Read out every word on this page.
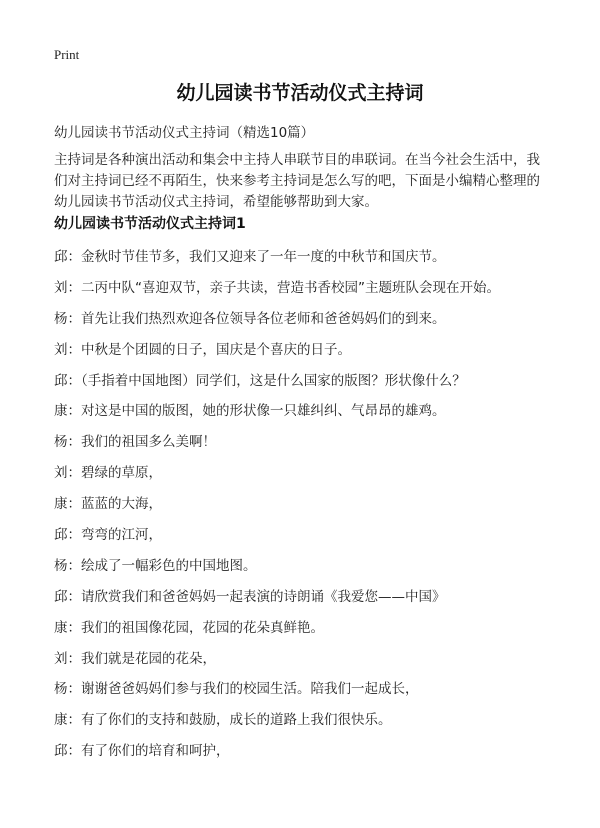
Print
幼儿园读书节活动仪式主持词

幼儿园读书节活动仪式主持词（精选10篇）

主持词是各种演出活动和集会中主持人串联节目的串联词。在当今社会生活中，我们对主持词已经不再陌生，快来参考主持词是怎么写的吧，下面是小编精心整理的幼儿园读书节活动仪式主持词，希望能够帮助到大家。

幼儿园读书节活动仪式主持词1
邱：金秋时节佳节多，我们又迎来了一年一度的中秋节和国庆节。
刘：二丙中队“喜迎双节，亲子共读，营造书香校园”主题班队会现在开始。
杨：首先让我们热烈欢迎各位领导各位老师和爸爸妈妈们的到来。
刘：中秋是个团圆的日子，国庆是个喜庆的日子。
邱：（手指着中国地图）同学们，这是什么国家的版图？形状像什么？
康：对这是中国的版图，她的形状像一只雄纠纠、气昂昂的雄鸡。
杨：我们的祖国多么美啊！
刘：碧绿的草原，
康：蓝蓝的大海，
邱：弯弯的江河，
杨：绘成了一幅彩色的中国地图。
邱：请欣赏我们和爸爸妈妈一起表演的诗朗诵《我爱您——中国》
康：我们的祖国像花园，花园的花朵真鲜艳。
刘：我们就是花园的花朵，
杨：谢谢爸爸妈妈们参与我们的校园生活。陪我们一起成长，
康：有了你们的支持和鼓励，成长的道路上我们很快乐。
邱：有了你们的培育和呵护，
